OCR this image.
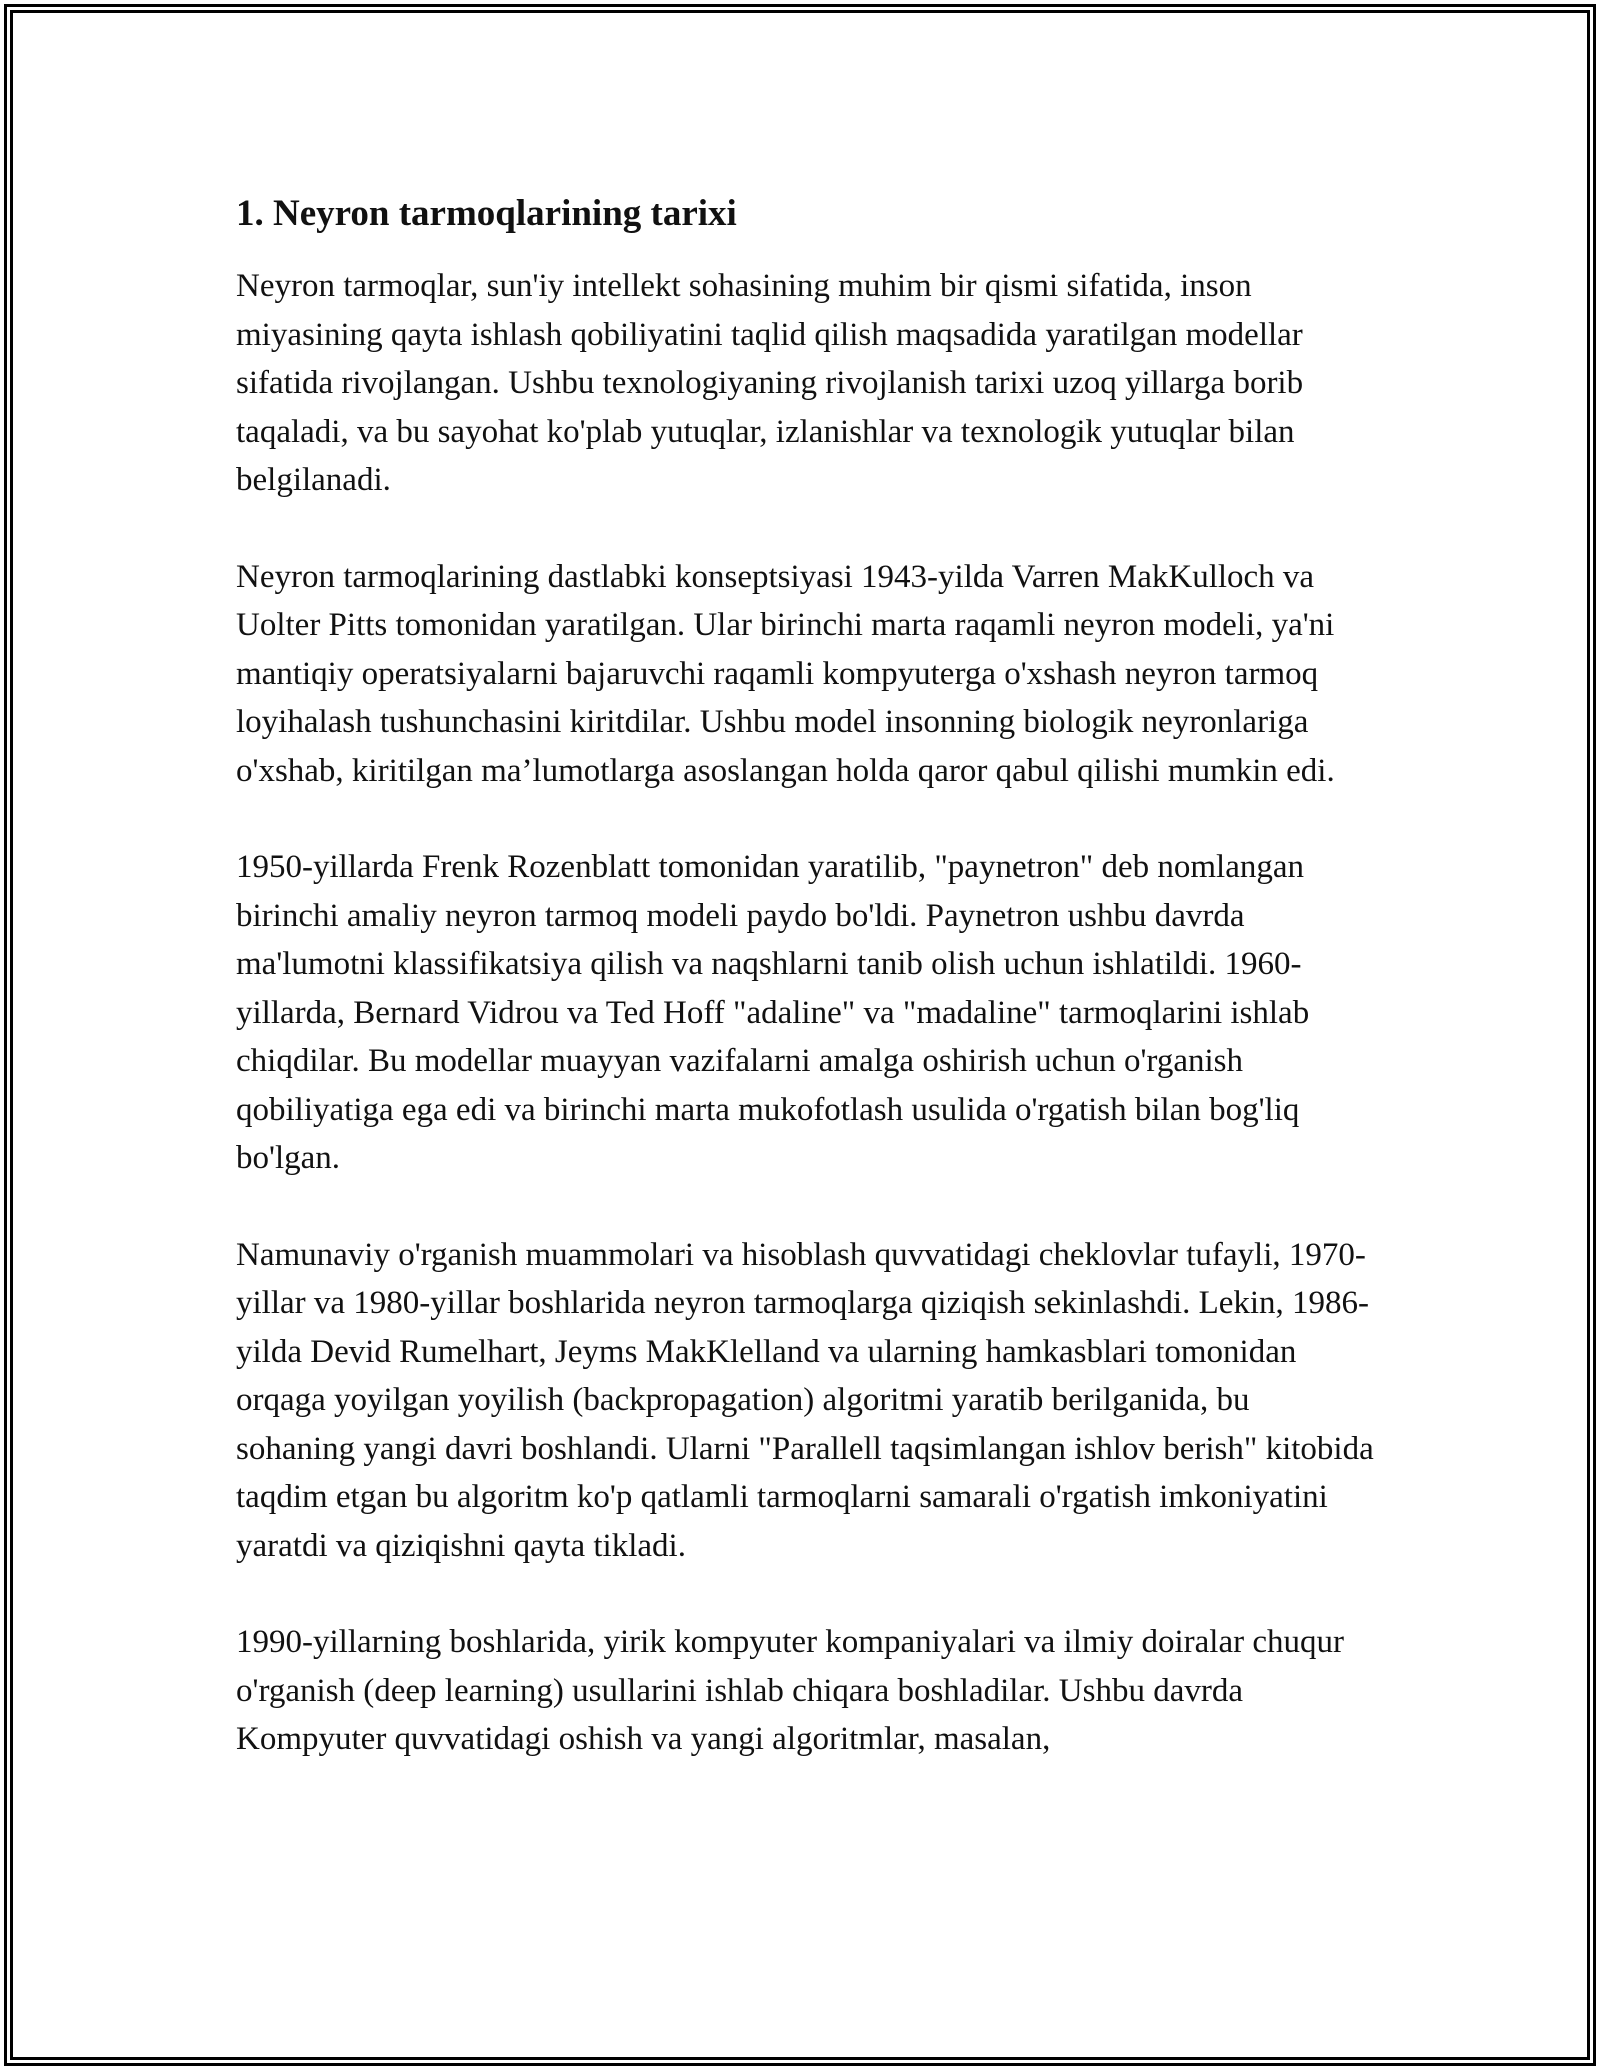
1. Neyron tarmoqlarining tarixi

Neyron tarmoqlar, sun'iy intellekt sohasining muhim bir qismi sifatida, inson miyasining qayta ishlash qobiliyatini taqlid qilish maqsadida yaratilgan modellar sifatida rivojlangan. Ushbu texnologiyaning rivojlanish tarixi uzoq yillarga borib taqaladi, va bu sayohat ko'plab yutuqlar, izlanishlar va texnologik yutuqlar bilan belgilanadi.

Neyron tarmoqlarining dastlabki konseptsiyasi 1943-yilda Varren MakKulloch va Uolter Pitts tomonidan yaratilgan. Ular birinchi marta raqamli neyron modeli, ya'ni mantiqiy operatsiyalarni bajaruvchi raqamli kompyuterga o'xshash neyron tarmoq loyihalash tushunchasini kiritdilar. Ushbu model insonning biologik neyronlariga o'xshab, kiritilgan ma’lumotlarga asoslangan holda qaror qabul qilishi mumkin edi.

1950-yillarda Frenk Rozenblatt tomonidan yaratilib, "paynetron" deb nomlangan birinchi amaliy neyron tarmoq modeli paydo bo'ldi. Paynetron ushbu davrda ma'lumotni klassifikatsiya qilish va naqshlarni tanib olish uchun ishlatildi. 1960-yillarda, Bernard Vidrou va Ted Hoff "adaline" va "madaline" tarmoqlarini ishlab chiqdilar. Bu modellar muayyan vazifalarni amalga oshirish uchun o'rganish qobiliyatiga ega edi va birinchi marta mukofotlash usulida o'rgatish bilan bog'liq bo'lgan.

Namunaviy o'rganish muammolari va hisoblash quvvatidagi cheklovlar tufayli, 1970-yillar va 1980-yillar boshlarida neyron tarmoqlarga qiziqish sekinlashdi. Lekin, 1986-yilda Devid Rumelhart, Jeyms MakKlelland va ularning hamkasblari tomonidan orqaga yoyilgan yoyilish (backpropagation) algoritmi yaratib berilganida, bu sohaning yangi davri boshlandi. Ularni "Parallell taqsimlangan ishlov berish" kitobida taqdim etgan bu algoritm ko'p qatlamli tarmoqlarni samarali o'rgatish imkoniyatini yaratdi va qiziqishni qayta tikladi.

1990-yillarning boshlarida, yirik kompyuter kompaniyalari va ilmiy doiralar chuqur o'rganish (deep learning) usullarini ishlab chiqara boshladilar. Ushbu davrda Kompyuter quvvatidagi oshish va yangi algoritmlar, masalan,
